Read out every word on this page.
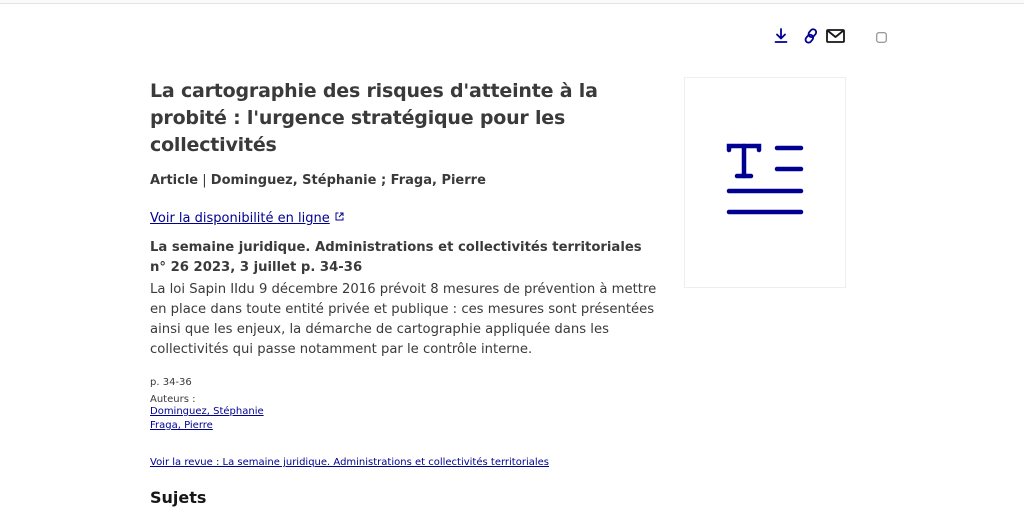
La cartographie des risques d'atteinte à la probité : l'urgence stratégique pour les collectivités
Article | Dominguez, Stéphanie ; Fraga, Pierre
Voir la disponibilité en ligne
La semaine juridique. Administrations et collectivités territoriales n° 26 2023, 3 juillet p. 34-36
La loi Sapin IIdu 9 décembre 2016 prévoit 8 mesures de prévention à mettre en place dans toute entité privée et publique : ces mesures sont présentées ainsi que les enjeux, la démarche de cartographie appliquée dans les collectivités qui passe notamment par le contrôle interne.
p. 34-36
Auteurs :
Dominguez, Stéphanie
Fraga, Pierre
Voir la revue : La semaine juridique. Administrations et collectivités territoriales
Sujets
